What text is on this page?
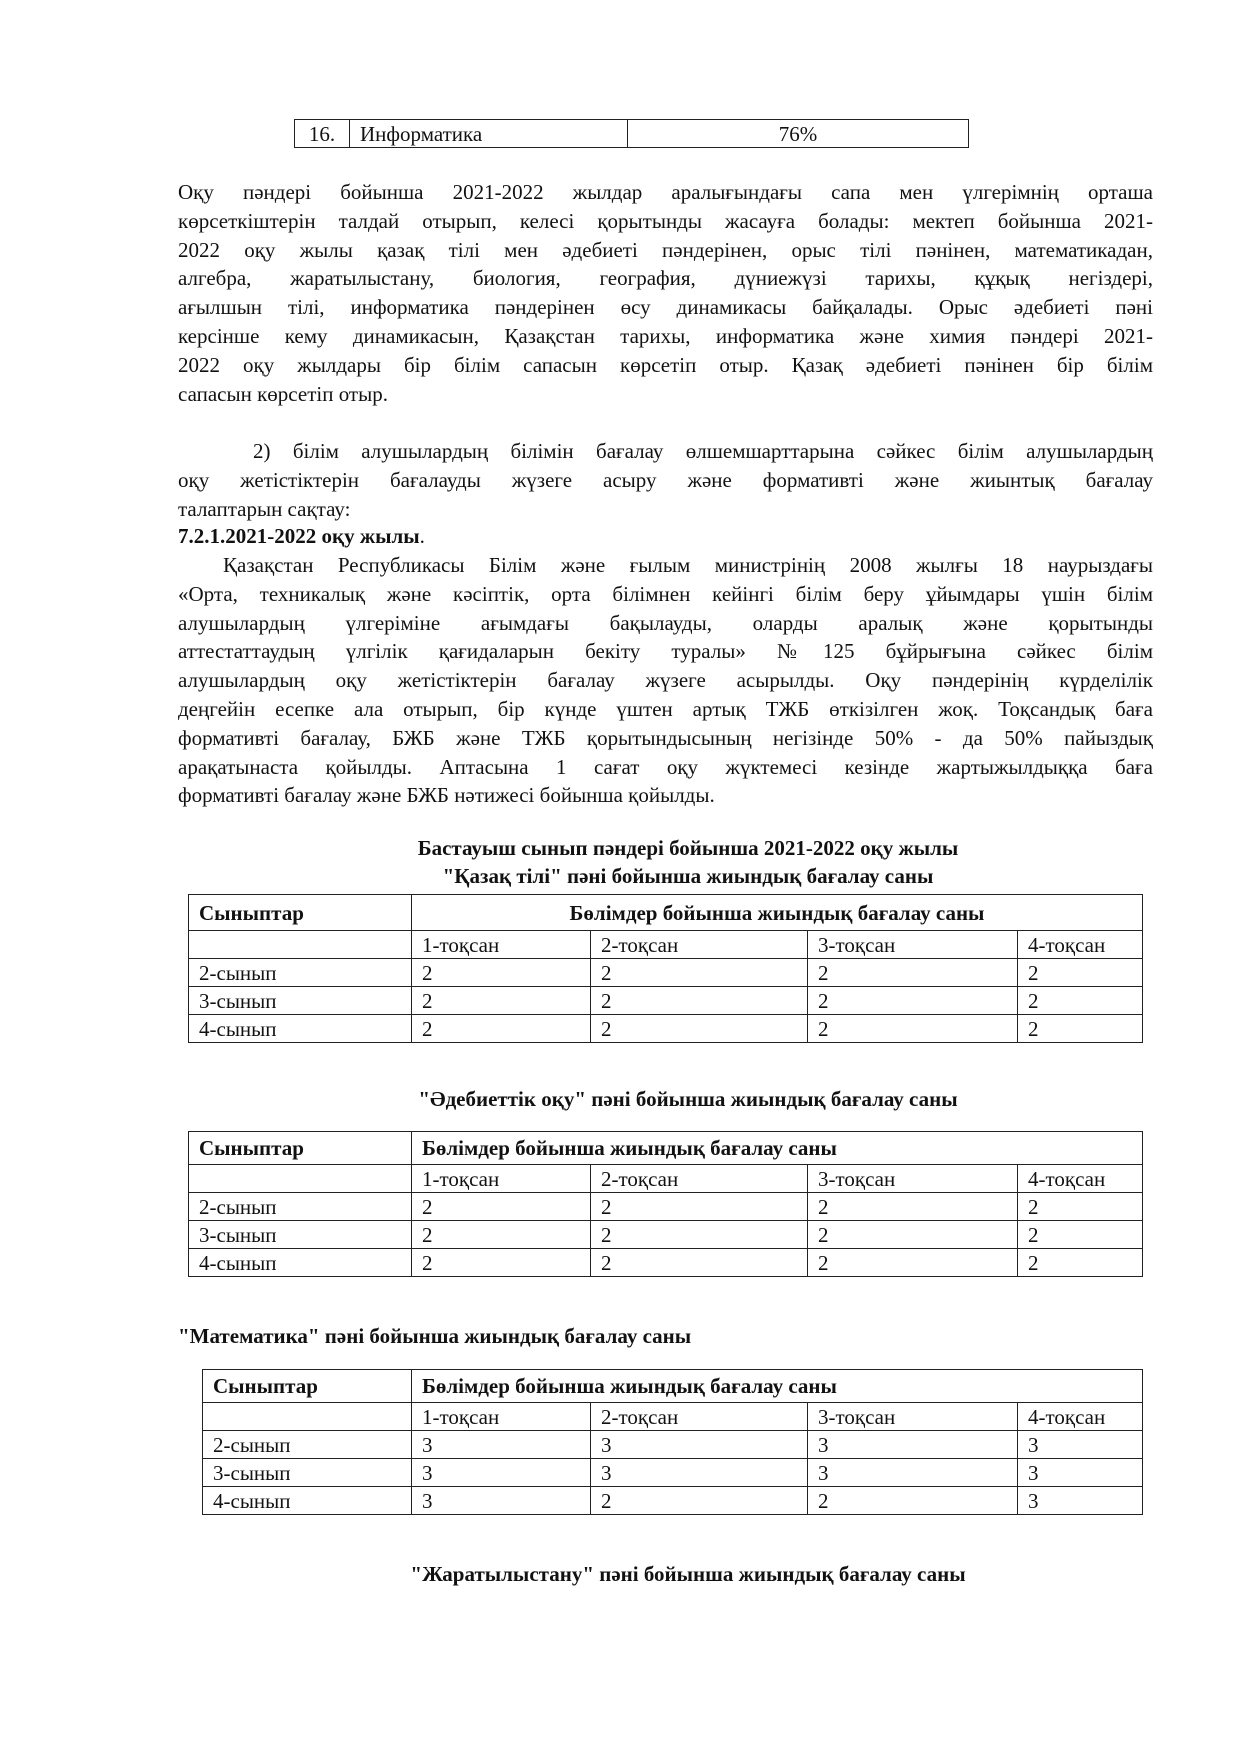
16.	Информатика	76%
Оқу пәндері бойынша 2021-2022 жылдар аралығындағы сапа мен үлгерімнің орташа
көрсеткіштерін талдай отырып, келесі қорытынды жасауға болады: мектеп бойынша 2021-
2022 оқу жылы қазақ тілі мен әдебиеті пәндерінен, орыс тілі пәнінен, математикадан,
алгебра, жаратылыстану, биология, география, дүниежүзі тарихы, құқық негіздері,
ағылшын тілі, информатика пәндерінен өсу динамикасы байқалады. Орыс әдебиеті пәні
керсінше кему динамикасын, Қазақстан тарихы, информатика және химия пәндері 2021-
2022 оқу жылдары бір білім сапасын көрсетіп отыр. Қазақ әдебиеті пәнінен бір білім
сапасын көрсетіп отыр.
2) білім алушылардың білімін бағалау өлшемшарттарына сәйкес білім алушылардың
оқу жетістіктерін бағалауды жүзеге асыру және формативті және жиынтық бағалау
талаптарын сақтау:
7.2.1.2021-2022 оқу жылы.
Қазақстан Республикасы Білім және ғылым министрінің 2008 жылғы 18 наурыздағы
«Орта, техникалық және кәсіптік, орта білімнен кейінгі білім беру ұйымдары үшін білім
алушылардың үлгеріміне ағымдағы бақылауды, оларды аралық және қорытынды
аттестаттаудың үлгілік қағидаларын бекіту туралы» №125 бұйрығына сәйкес білім
алушылардың оқу жетістіктерін бағалау жүзеге асырылды. Оқу пәндерінің күрделілік
деңгейін есепке ала отырып, бір күнде үштен артық ТЖБ өткізілген жоқ. Тоқсандық баға
формативті бағалау, БЖБ және ТЖБ қорытындысының негізінде 50% - да 50% пайыздық
арақатынаста қойылды. Аптасына 1 сағат оқу жүктемесі кезінде жартыжылдыққа баға
формативті бағалау және БЖБ нәтижесі бойынша қойылды.
Бастауыш сынып пәндері бойынша 2021-2022 оқу жылы
"Қазақ тілі" пәні бойынша жиындық бағалау саны
Сыныптар	Бөлімдер бойынша жиындық бағалау саны			
	1-тоқсан	2-тоқсан	3-тоқсан	4-тоқсан
2-сынып	2	2	2	2
3-сынып	2	2	2	2
4-сынып	2	2	2	2
"Әдебиеттік оқу" пәні бойынша жиындық бағалау саны
Сыныптар	Бөлімдер бойынша жиындық бағалау саны			
	1-тоқсан	2-тоқсан	3-тоқсан	4-тоқсан
2-сынып	2	2	2	2
3-сынып	2	2	2	2
4-сынып	2	2	2	2
"Математика" пәні бойынша жиындық бағалау саны
Сыныптар	Бөлімдер бойынша жиындық бағалау саны			
	1-тоқсан	2-тоқсан	3-тоқсан	4-тоқсан
2-сынып	3	3	3	3
3-сынып	3	3	3	3
4-сынып	3	2	2	3
"Жаратылыстану" пәні бойынша жиындық бағалау саны
